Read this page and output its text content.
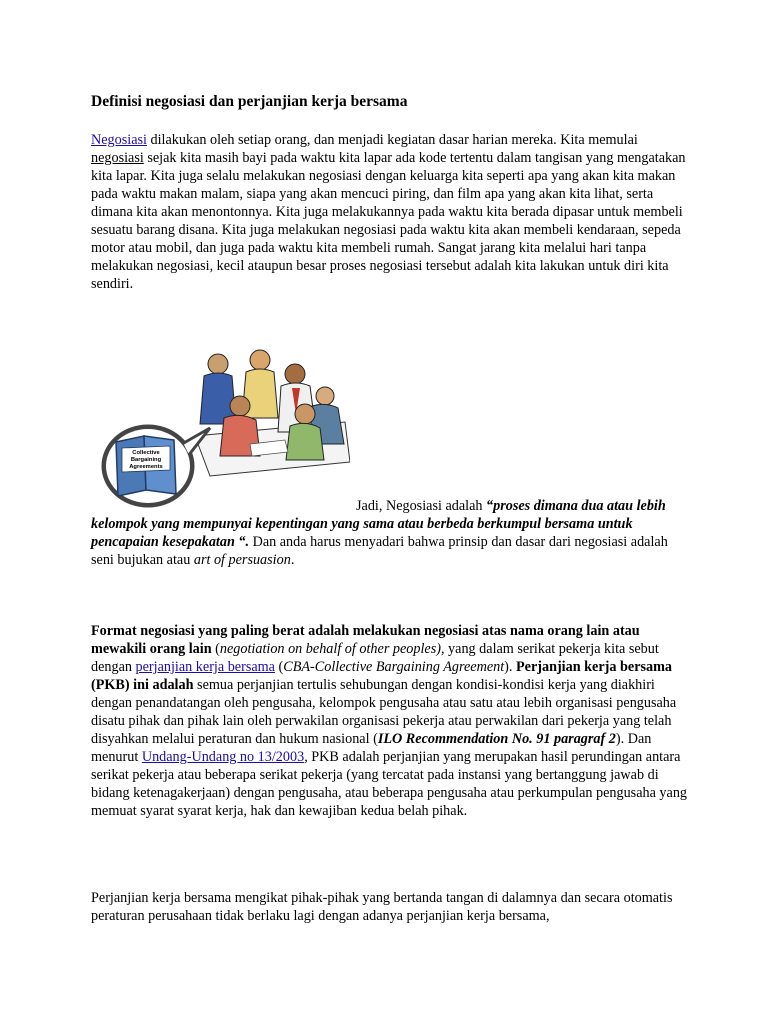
Definisi negosiasi dan perjanjian kerja bersama

Negosiasi dilakukan oleh setiap orang, dan menjadi kegiatan dasar harian mereka. Kita memulai negosiasi sejak kita masih bayi pada waktu kita lapar ada kode tertentu dalam tangisan yang mengatakan kita lapar. Kita juga selalu melakukan negosiasi dengan keluarga kita seperti apa yang akan kita makan pada waktu makan malam, siapa yang akan mencuci piring, dan film apa yang akan kita lihat, serta dimana kita akan menontonnya. Kita juga melakukannya pada waktu kita berada dipasar untuk membeli sesuatu barang disana. Kita juga melakukan negosiasi pada waktu kita akan membeli kendaraan, sepeda motor atau mobil, dan juga pada waktu kita membeli rumah. Sangat jarang kita melalui hari tanpa melakukan negosiasi, kecil ataupun besar proses negosiasi tersebut adalah kita lakukan untuk diri kita sendiri.

Collective
Bargaining
Agreements

Jadi, Negosiasi adalah “proses dimana dua atau lebih kelompok yang mempunyai kepentingan yang sama atau berbeda berkumpul bersama untuk pencapaian kesepakatan “. Dan anda harus menyadari bahwa prinsip dan dasar dari negosiasi adalah seni bujukan atau art of persuasion.

Format negosiasi yang paling berat adalah melakukan negosiasi atas nama orang lain atau mewakili orang lain (negotiation on behalf of other peoples), yang dalam serikat pekerja kita sebut dengan perjanjian kerja bersama (CBA-Collective Bargaining Agreement). Perjanjian kerja bersama (PKB) ini adalah semua perjanjian tertulis sehubungan dengan kondisi-kondisi kerja yang diakhiri dengan penandatangan oleh pengusaha, kelompok pengusaha atau satu atau lebih organisasi pengusaha disatu pihak dan pihak lain oleh perwakilan organisasi pekerja atau perwakilan dari pekerja yang telah disyahkan melalui peraturan dan hukum nasional (ILO Recommendation No. 91 paragraf 2). Dan menurut Undang-Undang no 13/2003, PKB adalah perjanjian yang merupakan hasil perundingan antara serikat pekerja atau beberapa serikat pekerja (yang tercatat pada instansi yang bertanggung jawab di bidang ketenagakerjaan) dengan pengusaha, atau beberapa pengusaha atau perkumpulan pengusaha yang memuat syarat syarat kerja, hak dan kewajiban kedua belah pihak.

Perjanjian kerja bersama mengikat pihak-pihak yang bertanda tangan di dalamnya dan secara otomatis peraturan perusahaan tidak berlaku lagi dengan adanya perjanjian kerja bersama,
